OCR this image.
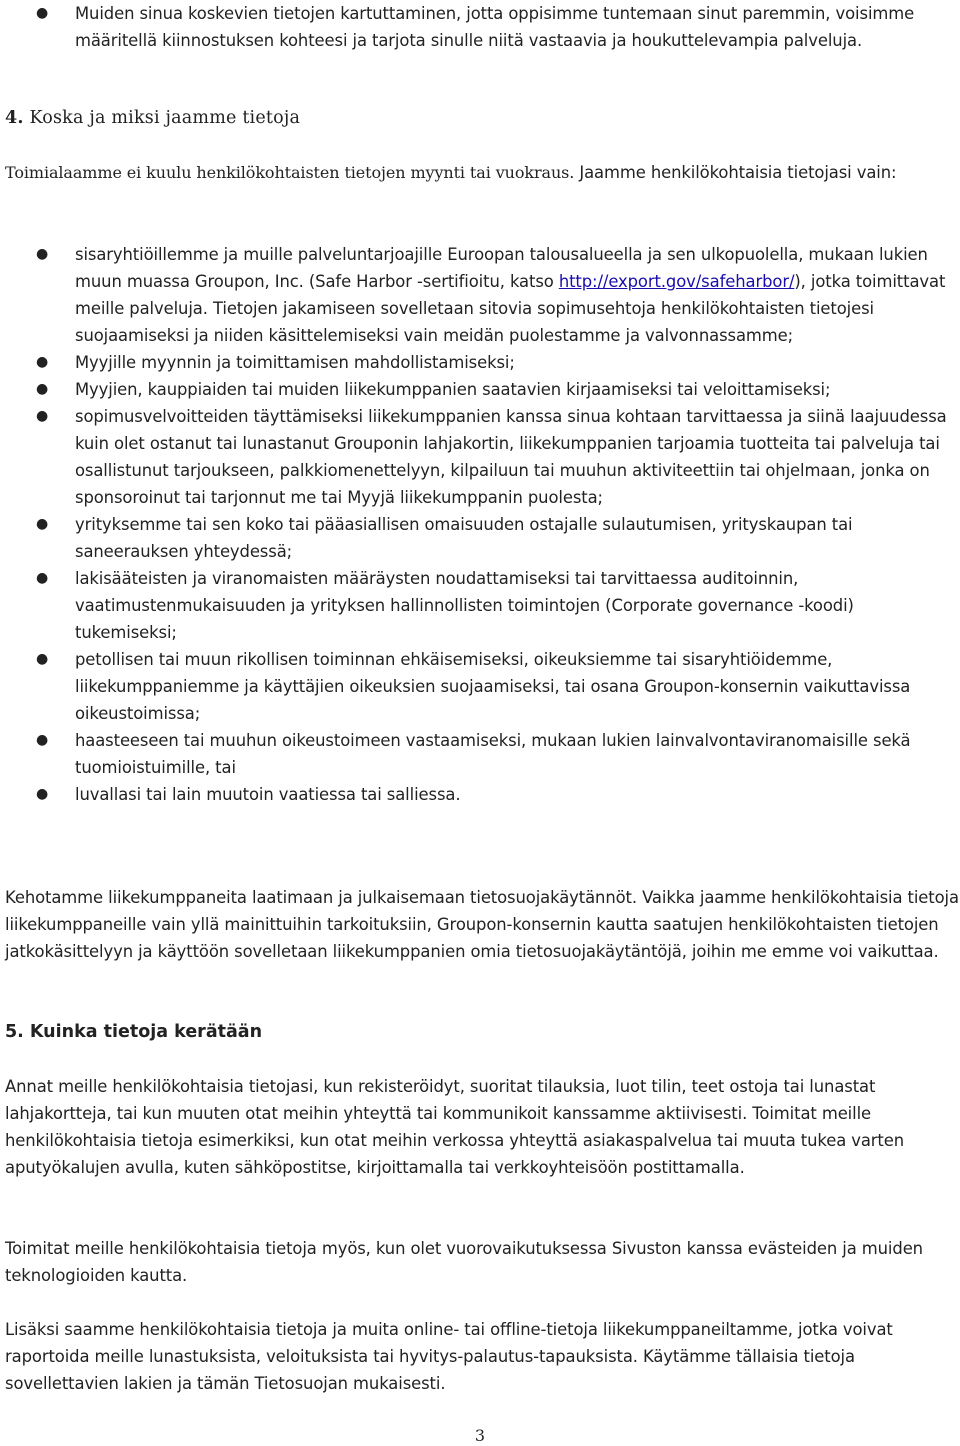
● Muiden sinua koskevien tietojen kartuttaminen, jotta oppisimme tuntemaan sinut paremmin, voisimme määritellä kiinnostuksen kohteesi ja tarjota sinulle niitä vastaavia ja houkuttelevampia palveluja.

4. Koska ja miksi jaamme tietoja

Toimialaamme ei kuulu henkilökohtaisten tietojen myynti tai vuokraus. Jaamme henkilökohtaisia tietojasi vain:

● sisaryhtiöillemme ja muille palveluntarjoajille Euroopan talousalueella ja sen ulkopuolella, mukaan lukien muun muassa Groupon, Inc. (Safe Harbor -sertifioitu, katso http://export.gov/safeharbor/), jotka toimittavat meille palveluja. Tietojen jakamiseen sovelletaan sitovia sopimusehtoja henkilökohtaisten tietojesi suojaamiseksi ja niiden käsittelemiseksi vain meidän puolestamme ja valvonnassamme;
● Myyjille myynnin ja toimittamisen mahdollistamiseksi;
● Myyjien, kauppiaiden tai muiden liikekumppanien saatavien kirjaamiseksi tai veloittamiseksi;
● sopimusvelvoitteiden täyttämiseksi liikekumppanien kanssa sinua kohtaan tarvittaessa ja siinä laajuudessa kuin olet ostanut tai lunastanut Grouponin lahjakortin, liikekumppanien tarjoamia tuotteita tai palveluja tai osallistunut tarjoukseen, palkkiomenettelyyn, kilpailuun tai muuhun aktiviteettiin tai ohjelmaan, jonka on sponsoroinut tai tarjonnut me tai Myyjä liikekumppanin puolesta;
● yrityksemme tai sen koko tai pääasiallisen omaisuuden ostajalle sulautumisen, yrityskaupan tai saneerauksen yhteydessä;
● lakisääteisten ja viranomaisten määräysten noudattamiseksi tai tarvittaessa auditoinnin, vaatimustenmukaisuuden ja yrityksen hallinnollisten toimintojen (Corporate governance -koodi) tukemiseksi;
● petollisen tai muun rikollisen toiminnan ehkäisemiseksi, oikeuksiemme tai sisaryhtiöidemme, liikekumppaniemme ja käyttäjien oikeuksien suojaamiseksi, tai osana Groupon-konsernin vaikuttavissa oikeustoimissa;
● haasteeseen tai muuhun oikeustoimeen vastaamiseksi, mukaan lukien lainvalvontaviranomaisille sekä tuomioistuimille, tai
● luvallasi tai lain muutoin vaatiessa tai salliessa.

Kehotamme liikekumppaneita laatimaan ja julkaisemaan tietosuojakäytännöt. Vaikka jaamme henkilökohtaisia tietoja liikekumppaneille vain yllä mainittuihin tarkoituksiin, Groupon-konsernin kautta saatujen henkilökohtaisten tietojen jatkokäsittelyyn ja käyttöön sovelletaan liikekumppanien omia tietosuojakäytäntöjä, joihin me emme voi vaikuttaa.

5. Kuinka tietoja kerätään

Annat meille henkilökohtaisia tietojasi, kun rekisteröidyt, suoritat tilauksia, luot tilin, teet ostoja tai lunastat lahjakortteja, tai kun muuten otat meihin yhteyttä tai kommunikoit kanssamme aktiivisesti. Toimitat meille henkilökohtaisia tietoja esimerkiksi, kun otat meihin verkossa yhteyttä asiakaspalvelua tai muuta tukea varten aputyökalujen avulla, kuten sähköpostitse, kirjoittamalla tai verkkoyhteisöön postittamalla.

Toimitat meille henkilökohtaisia tietoja myös, kun olet vuorovaikutuksessa Sivuston kanssa evästeiden ja muiden teknologioiden kautta.

Lisäksi saamme henkilökohtaisia tietoja ja muita online- tai offline-tietoja liikekumppaneiltamme, jotka voivat raportoida meille lunastuksista, veloituksista tai hyvitys-palautus-tapauksista. Käytämme tällaisia tietoja sovellettavien lakien ja tämän Tietosuojan mukaisesti.

3
